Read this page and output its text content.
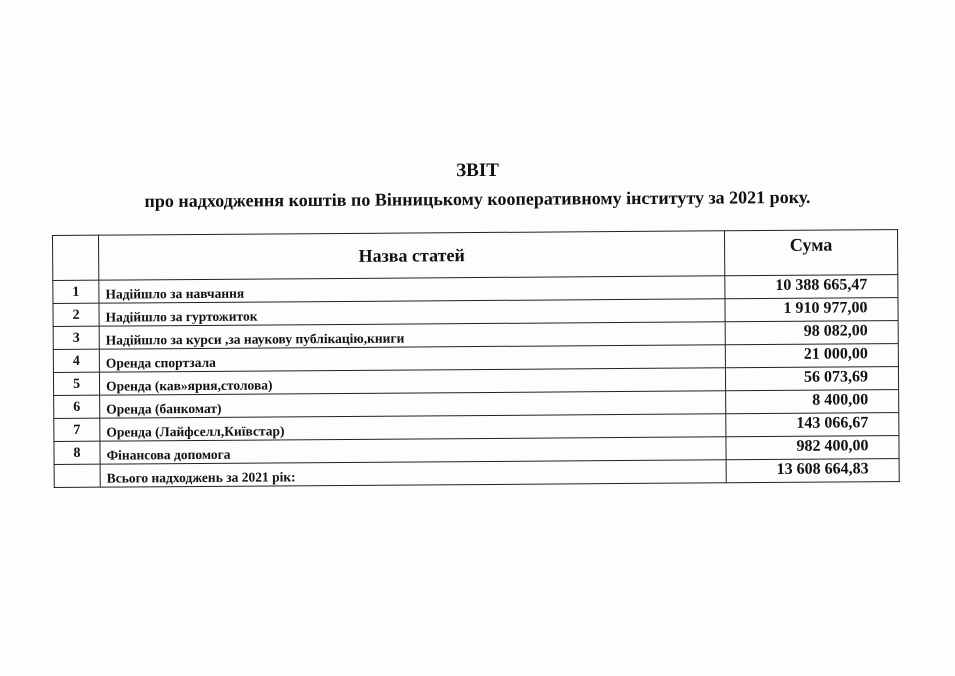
ЗВІТ
про надходження коштів по Вінницькому кооперативному інституту за 2021 року.
	Назва статей	Сума
1	Надійшло за навчання	10 388 665,47
2	Надійшло за гуртожиток	1 910 977,00
3	Надійшло за курси ,за наукову публікацію,книги	98 082,00
4	Оренда спортзала	21 000,00
5	Оренда (кав»ярня,столова)	56 073,69
6	Оренда (банкомат)	8 400,00
7	Оренда (Лайфселл,Київстар)	143 066,67
8	Фінансова допомога	982 400,00
	Всього надходжень за 2021 рік:	13 608 664,83
